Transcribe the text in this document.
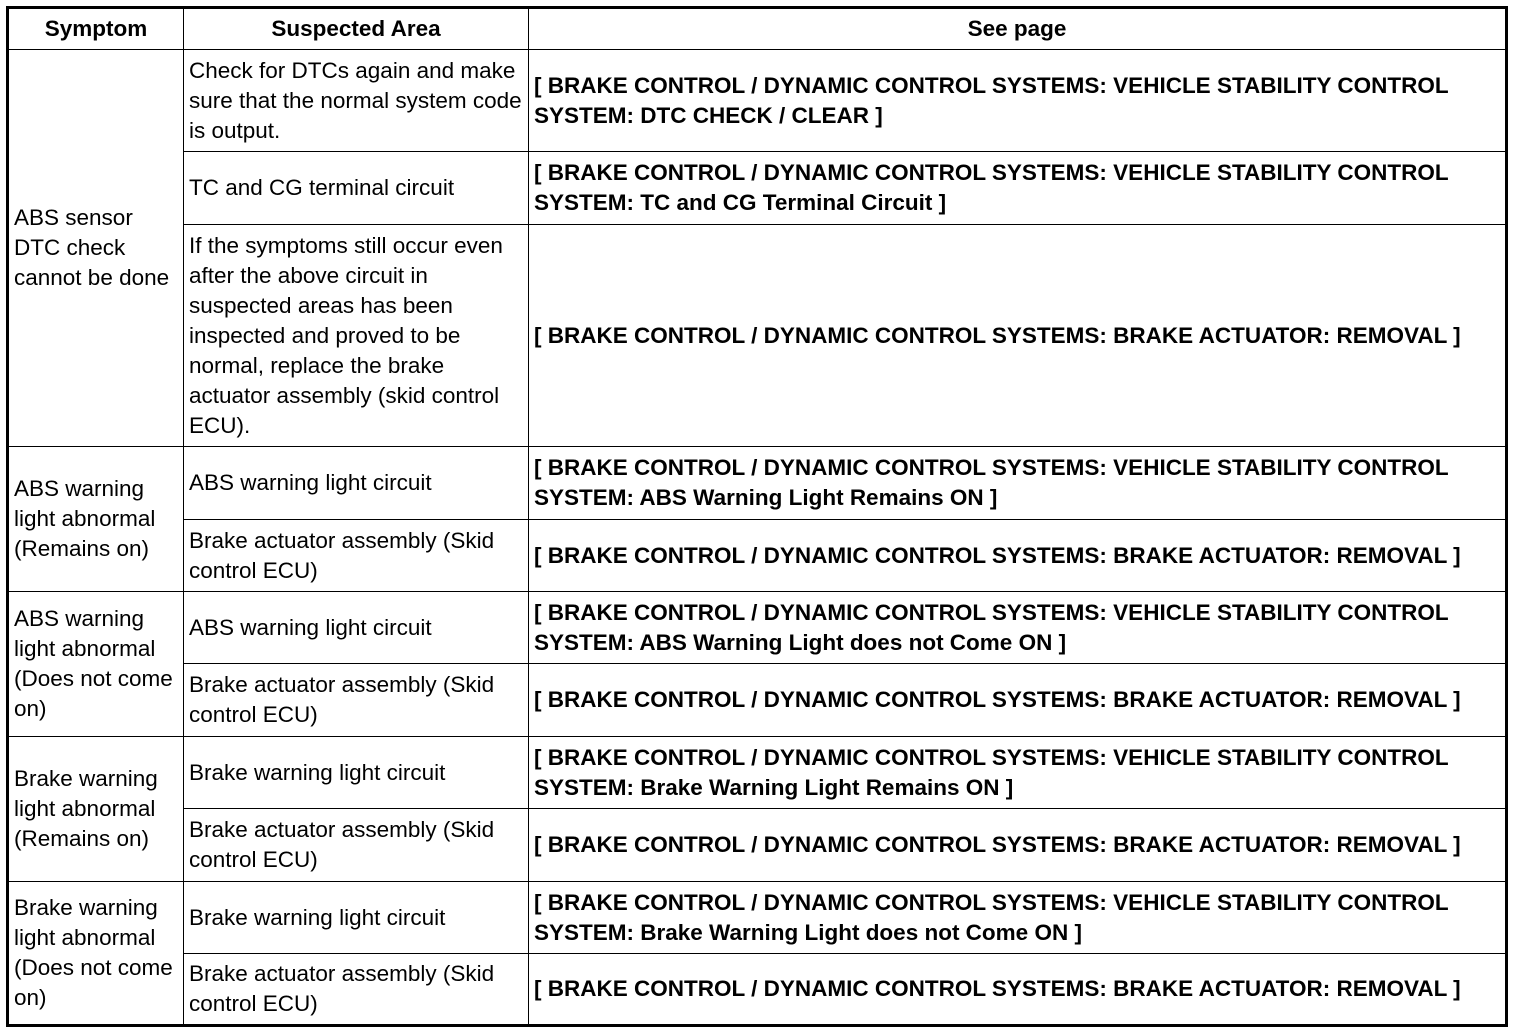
Symptom	Suspected Area	See page
ABS sensor DTC check cannot be done	Check for DTCs again and make sure that the normal system code is output.	[ BRAKE CONTROL / DYNAMIC CONTROL SYSTEMS: VEHICLE STABILITY CONTROL SYSTEM: DTC CHECK / CLEAR ]
	TC and CG terminal circuit	[ BRAKE CONTROL / DYNAMIC CONTROL SYSTEMS: VEHICLE STABILITY CONTROL SYSTEM: TC and CG Terminal Circuit ]
	If the symptoms still occur even after the above circuit in suspected areas has been inspected and proved to be normal, replace the brake actuator assembly (skid control ECU).	[ BRAKE CONTROL / DYNAMIC CONTROL SYSTEMS: BRAKE ACTUATOR: REMOVAL ]
ABS warning light abnormal (Remains on)	ABS warning light circuit	[ BRAKE CONTROL / DYNAMIC CONTROL SYSTEMS: VEHICLE STABILITY CONTROL SYSTEM: ABS Warning Light Remains ON ]
	Brake actuator assembly (Skid control ECU)	[ BRAKE CONTROL / DYNAMIC CONTROL SYSTEMS: BRAKE ACTUATOR: REMOVAL ]
ABS warning light abnormal (Does not come on)	ABS warning light circuit	[ BRAKE CONTROL / DYNAMIC CONTROL SYSTEMS: VEHICLE STABILITY CONTROL SYSTEM: ABS Warning Light does not Come ON ]
	Brake actuator assembly (Skid control ECU)	[ BRAKE CONTROL / DYNAMIC CONTROL SYSTEMS: BRAKE ACTUATOR: REMOVAL ]
Brake warning light abnormal (Remains on)	Brake warning light circuit	[ BRAKE CONTROL / DYNAMIC CONTROL SYSTEMS: VEHICLE STABILITY CONTROL SYSTEM: Brake Warning Light Remains ON ]
	Brake actuator assembly (Skid control ECU)	[ BRAKE CONTROL / DYNAMIC CONTROL SYSTEMS: BRAKE ACTUATOR: REMOVAL ]
Brake warning light abnormal (Does not come on)	Brake warning light circuit	[ BRAKE CONTROL / DYNAMIC CONTROL SYSTEMS: VEHICLE STABILITY CONTROL SYSTEM: Brake Warning Light does not Come ON ]
	Brake actuator assembly (Skid control ECU)	[ BRAKE CONTROL / DYNAMIC CONTROL SYSTEMS: BRAKE ACTUATOR: REMOVAL ]
